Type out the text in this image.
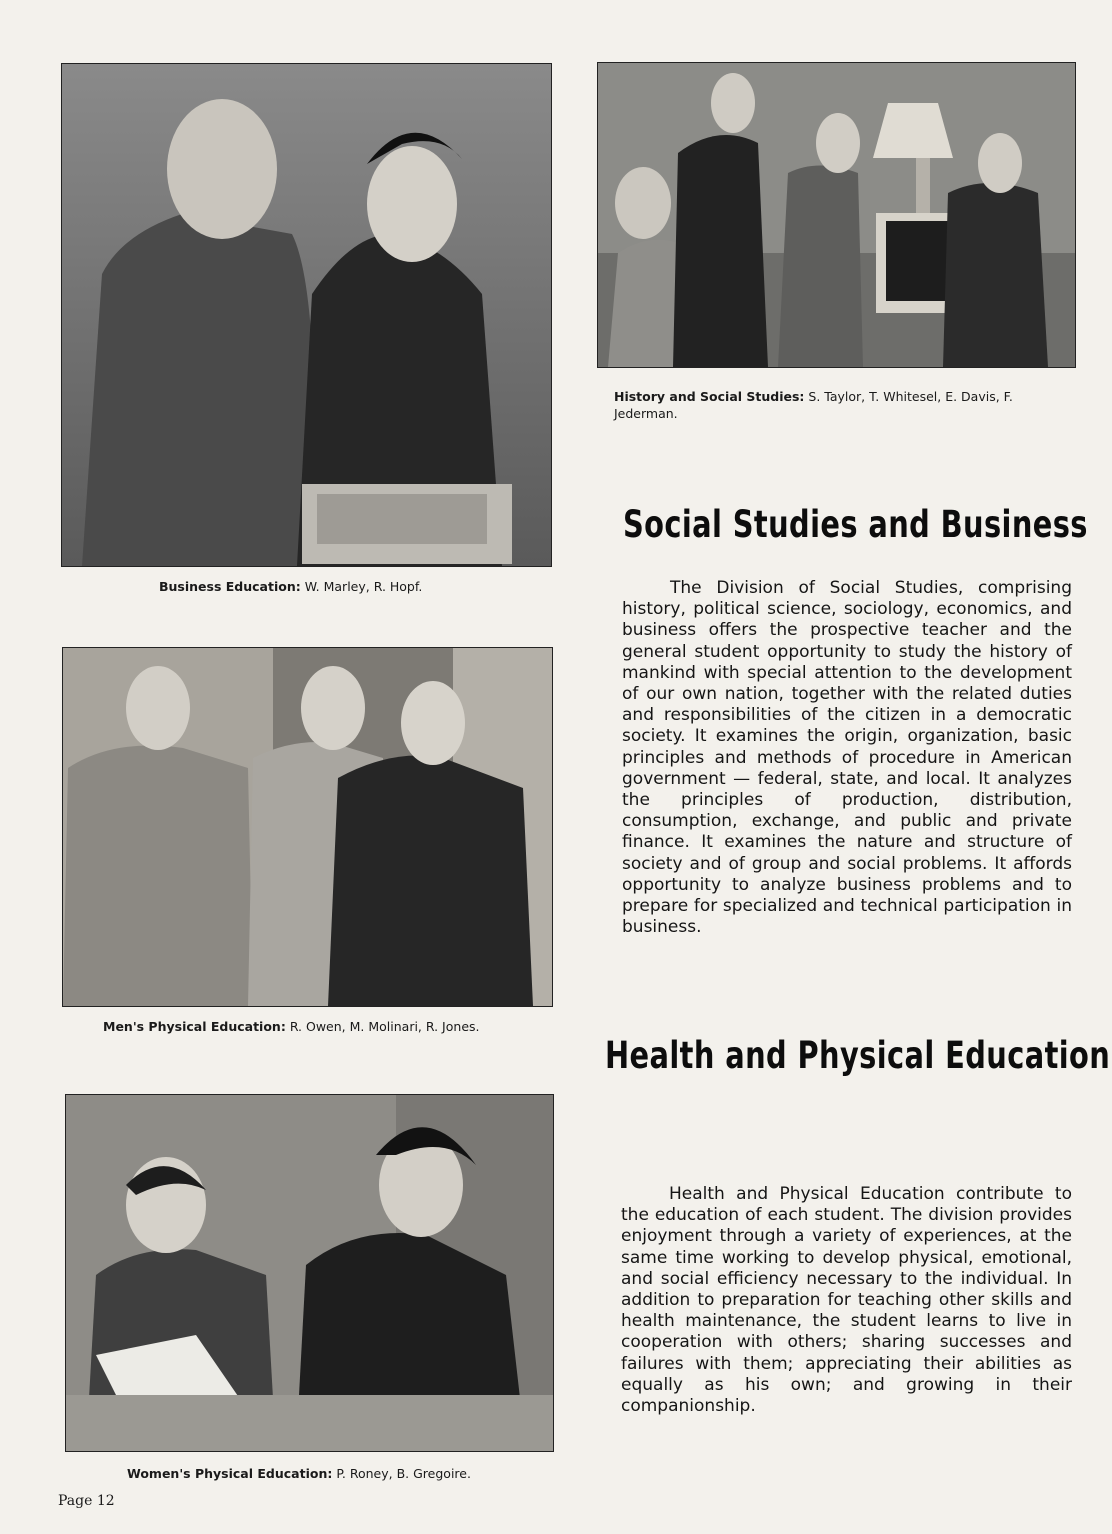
Business Education: W. Marley, R. Hopf.
History and Social Studies: S. Taylor, T. Whitesel, E. Davis, F. Jederman.
Social Studies and Business

The Division of Social Studies, comprising history, political science, sociology, economics, and business offers the prospective teacher and the general student opportunity to study the history of mankind with special attention to the development of our own nation, together with the related duties and responsibilities of the citizen in a democratic society. It examines the origin, organization, basic principles and methods of procedure in American government — federal, state, and local. It analyzes the principles of production, distribution, consumption, exchange, and public and private finance. It examines the nature and structure of society and of group and social problems. It affords opportunity to analyze business problems and to prepare for specialized and technical participation in business.

Men's Physical Education: R. Owen, M. Molinari, R. Jones.
Health and Physical Education

Health and Physical Education contribute to the education of each student. The division provides enjoyment through a variety of experiences, at the same time working to develop physical, emotional, and social efficiency necessary to the individual. In addition to preparation for teaching other skills and health maintenance, the student learns to live in cooperation with others; sharing successes and failures with them; appreciating their abilities as equally as his own; and growing in their companionship.

Women's Physical Education: P. Roney, B. Gregoire.
Page 12
